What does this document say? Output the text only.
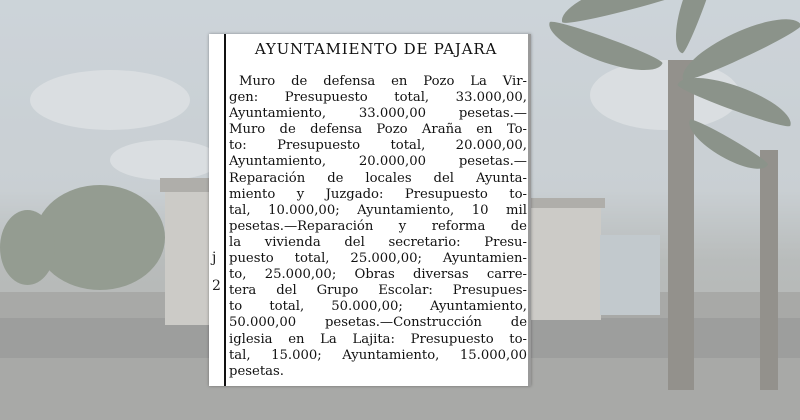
j
2
AYUNTAMIENTO DE PAJARA
Muro de defensa en Pozo La Vir-
gen: Presupuesto total, 33.000,00,
Ayuntamiento, 33.000,00 pesetas.—
Muro de defensa Pozo Araña en To-
to: Presupuesto total, 20.000,00,
Ayuntamiento, 20.000,00 pesetas.—
Reparación de locales del Ayunta-
miento y Juzgado: Presupuesto to-
tal, 10.000,00; Ayuntamiento, 10 mil
pesetas.—Reparación y reforma de
la vivienda del secretario: Presu-
puesto total, 25.000,00; Ayuntamien-
to, 25.000,00; Obras diversas carre-
tera del Grupo Escolar: Presupues-
to total, 50.000,00; Ayuntamiento,
50.000,00 pesetas.—Construcción de
iglesia en La Lajita: Presupuesto to-
tal, 15.000; Ayuntamiento, 15.000,00
pesetas.
